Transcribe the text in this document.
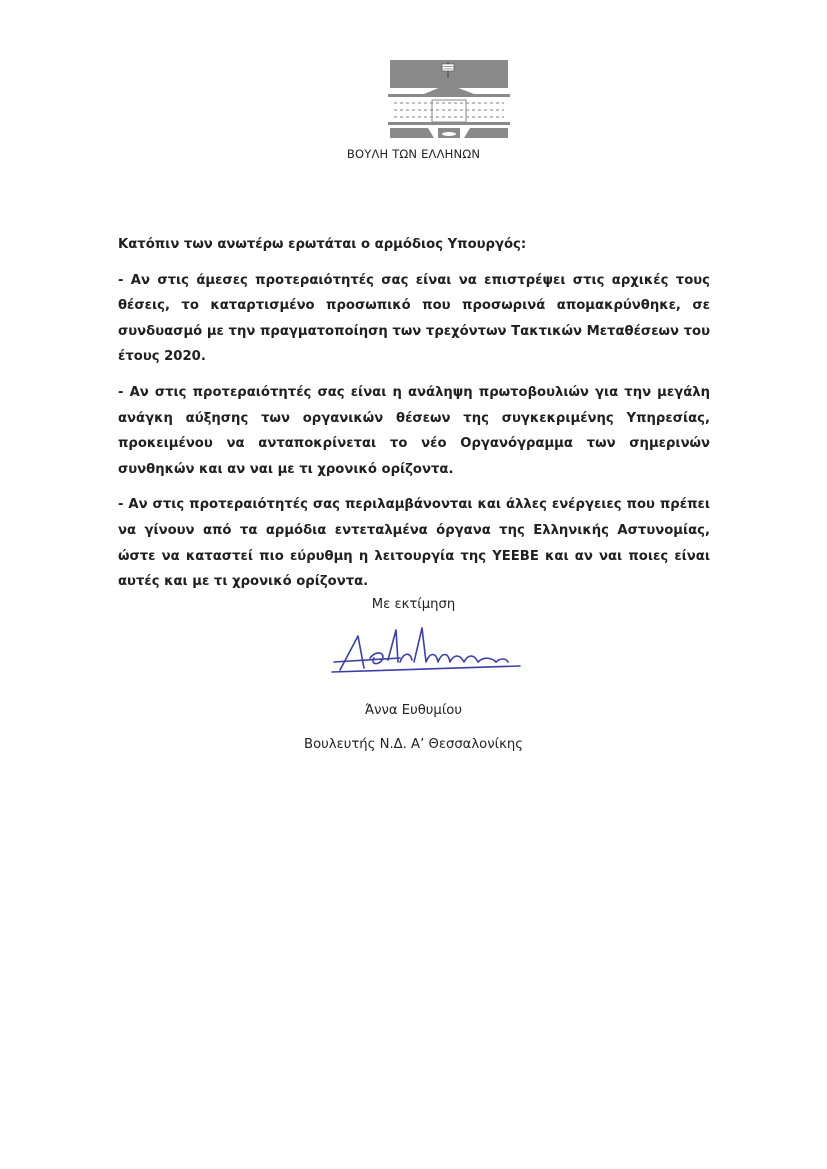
ΒΟΥΛΗ ΤΩΝ ΕΛΛΗΝΩΝ

Κατόπιν των ανωτέρω ερωτάται ο αρμόδιος Υπουργός:

- Αν στις άμεσες προτεραιότητές σας είναι να επιστρέψει στις αρχικές τους θέσεις, το καταρτισμένο προσωπικό που προσωρινά απομακρύνθηκε, σε συνδυασμό με την πραγματοποίηση των τρεχόντων Τακτικών Μεταθέσεων του έτους 2020.

- Αν στις προτεραιότητές σας είναι η ανάληψη πρωτοβουλιών για την μεγάλη ανάγκη αύξησης των οργανικών θέσεων της συγκεκριμένης Υπηρεσίας, προκειμένου να ανταποκρίνεται το νέο Οργανόγραμμα των σημερινών συνθηκών και αν ναι με τι χρονικό ορίζοντα.

- Αν στις προτεραιότητές σας περιλαμβάνονται και άλλες ενέργειες που πρέπει να γίνουν από τα αρμόδια εντεταλμένα όργανα της Ελληνικής Αστυνομίας, ώστε να καταστεί πιο εύρυθμη η λειτουργία της ΥΕΕΒΕ και αν ναι ποιες είναι αυτές και με τι χρονικό ορίζοντα.

Με εκτίμηση
Άννα Ευθυμίου
Βουλευτής Ν.Δ. Α’ Θεσσαλονίκης
